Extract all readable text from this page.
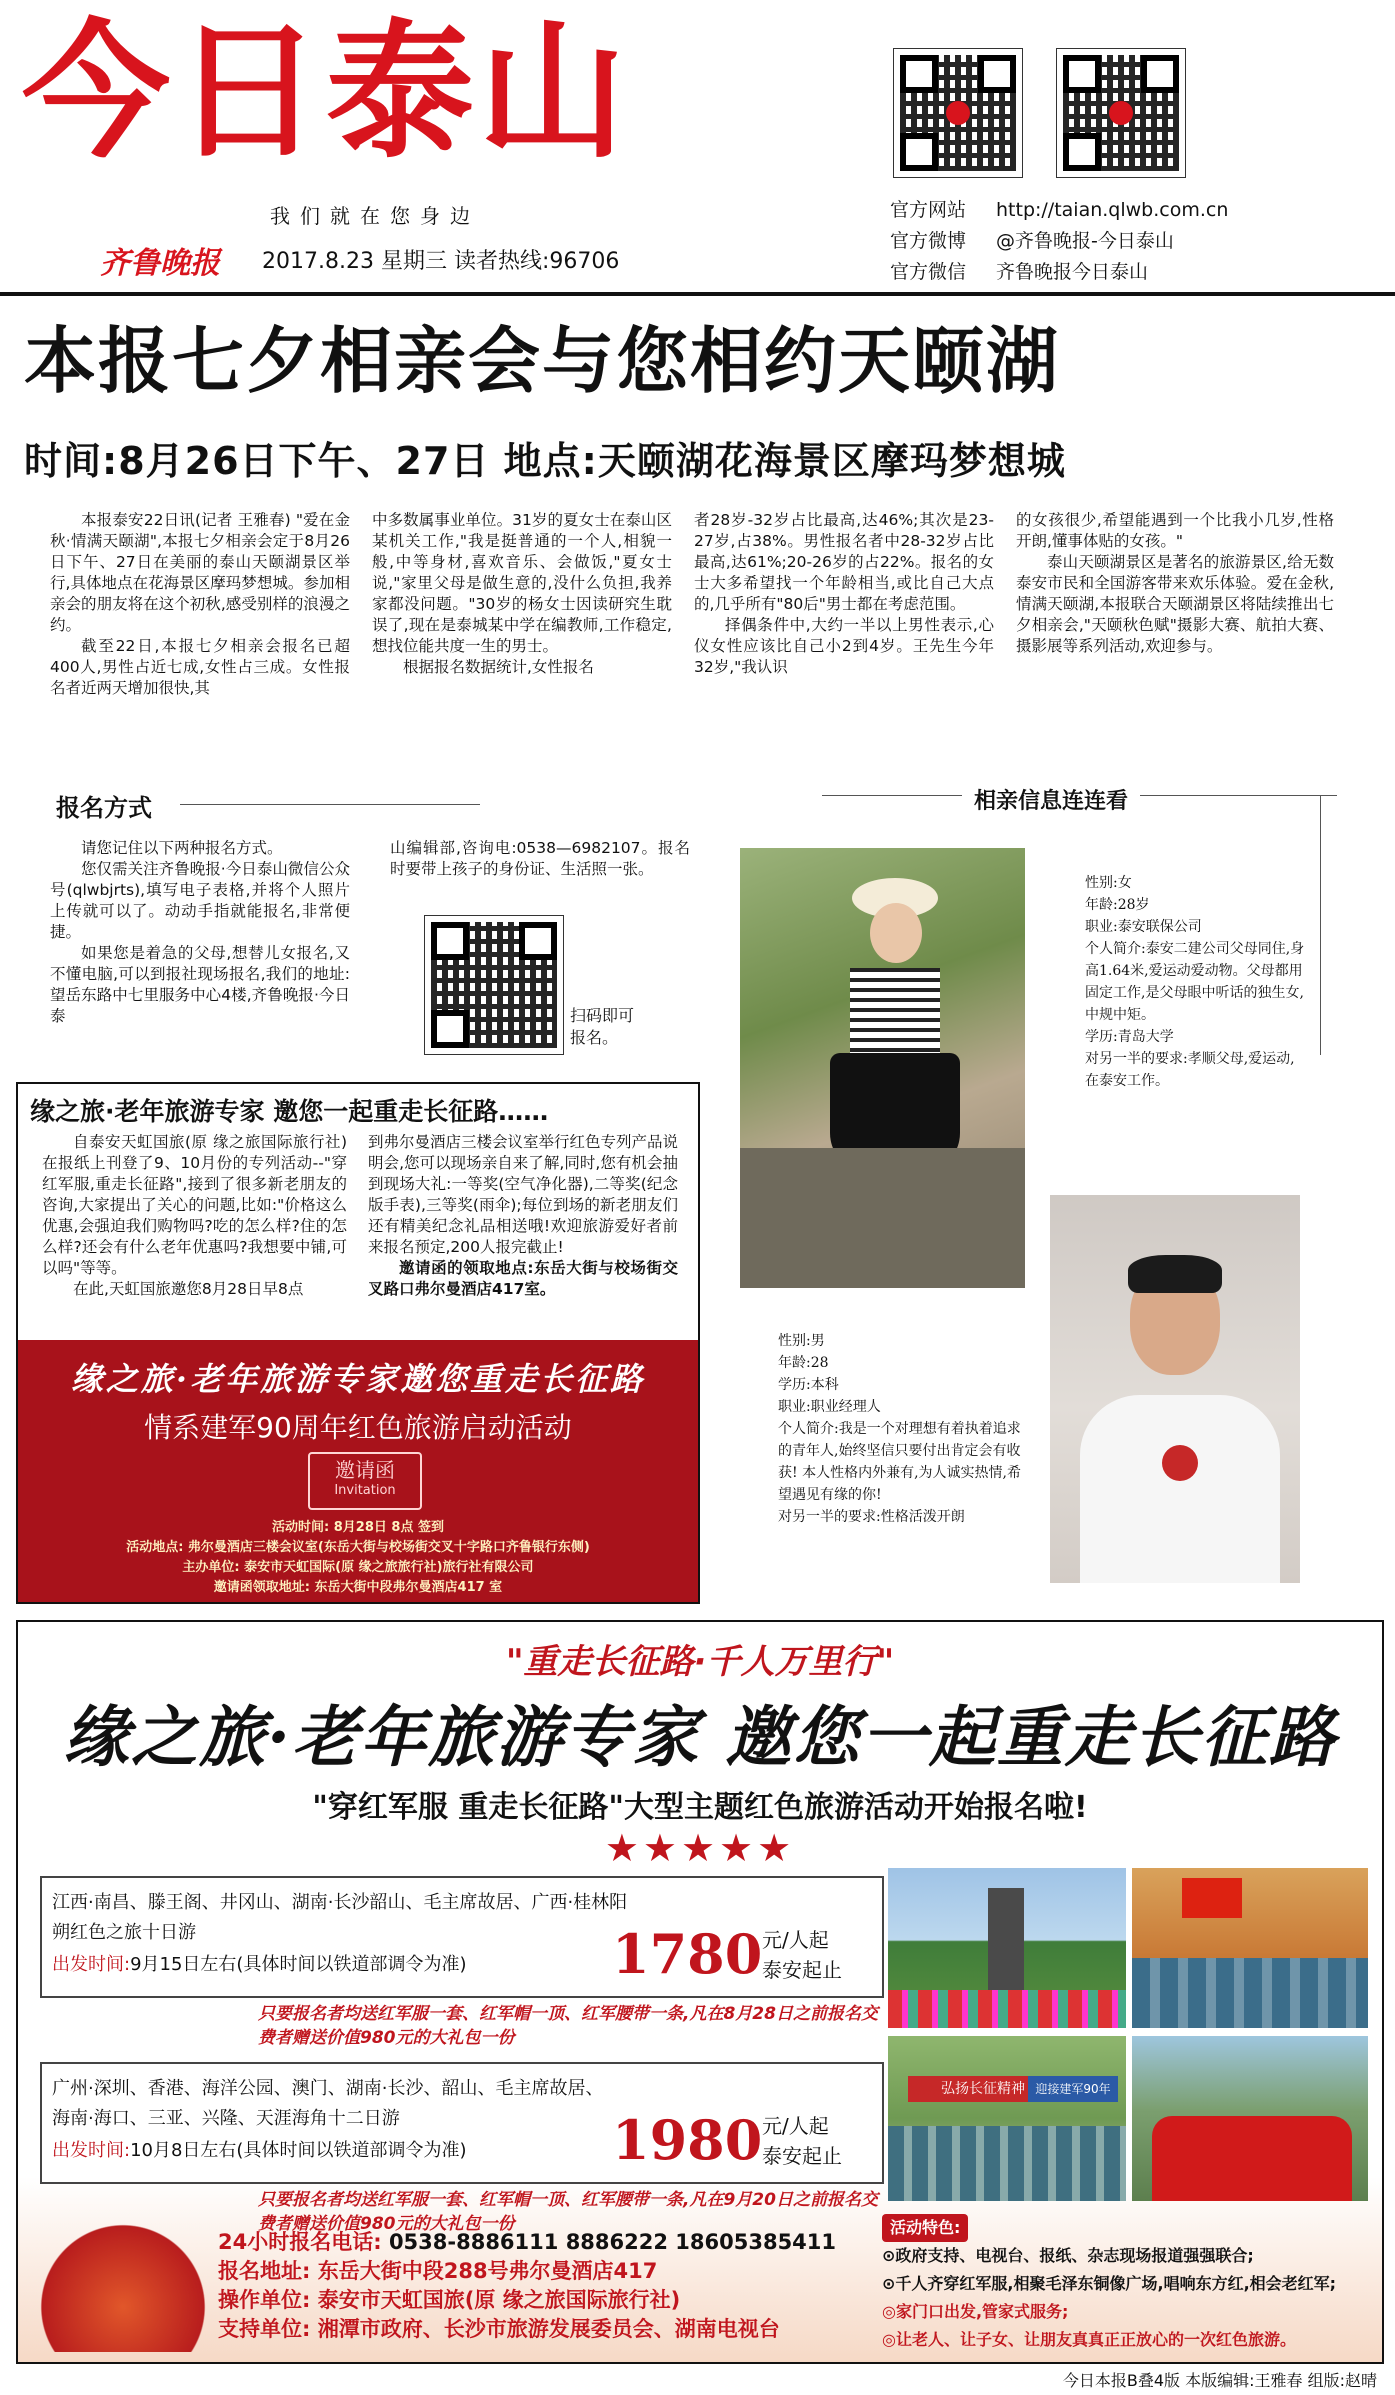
今日泰山
我们就在您身边
齐鲁晚报 2017.8.23 星期三 读者热线:96706
官方网站 http://taian.qlwb.com.cn
官方微博 @齐鲁晚报-今日泰山
官方微信 齐鲁晚报今日泰山
本报七夕相亲会与您相约天颐湖
时间:8月26日下午、27日 地点:天颐湖花海景区摩玛梦想城

本报泰安22日讯(记者 王雅春) "爱在金秋·情满天颐湖",本报七夕相亲会定于8月26日下午、27日在美丽的泰山天颐湖景区举行,具体地点在花海景区摩玛梦想城。参加相亲会的朋友将在这个初秋,感受别样的浪漫之约。

截至22日,本报七夕相亲会报名已超400人,男性占近七成,女性占三成。女性报名者近两天增加很快,其

中多数属事业单位。31岁的夏女士在泰山区某机关工作,"我是挺普通的一个人,相貌一般,中等身材,喜欢音乐、会做饭,"夏女士说,"家里父母是做生意的,没什么负担,我养家都没问题。"30岁的杨女士因读研究生耽误了,现在是泰城某中学在编教师,工作稳定,想找位能共度一生的男士。

根据报名数据统计,女性报名

者28岁-32岁占比最高,达46%;其次是23-27岁,占38%。男性报名者中28-32岁占比最高,达61%;20-26岁的占22%。报名的女士大多希望找一个年龄相当,或比自己大点的,几乎所有"80后"男士都在考虑范围。

择偶条件中,大约一半以上男性表示,心仪女性应该比自己小2到4岁。王先生今年32岁,"我认识

的女孩很少,希望能遇到一个比我小几岁,性格开朗,懂事体贴的女孩。"

泰山天颐湖景区是著名的旅游景区,给无数泰安市民和全国游客带来欢乐体验。爱在金秋,情满天颐湖,本报联合天颐湖景区将陆续推出七夕相亲会,"天颐秋色赋"摄影大赛、航拍大赛、摄影展等系列活动,欢迎参与。

报名方式

请您记住以下两种报名方式。

您仅需关注齐鲁晚报·今日泰山微信公众号(qlwbjrts),填写电子表格,并将个人照片上传就可以了。动动手指就能报名,非常便捷。

如果您是着急的父母,想替儿女报名,又不懂电脑,可以到报社现场报名,我们的地址:望岳东路中七里服务中心4楼,齐鲁晚报·今日泰

山编辑部,咨询电:0538—6982107。报名时要带上孩子的身份证、生活照一张。

扫码即可报名。
相亲信息连连看
性别:女
年龄:28岁
职业:泰安联保公司
个人简介:泰安二建公司父母同住,身高1.64米,爱运动爱动物。父母都用固定工作,是父母眼中听话的独生女,中规中矩。
学历:青岛大学
对另一半的要求:孝顺父母,爱运动,在泰安工作。
性别:男
年龄:28
学历:本科
职业:职业经理人
个人简介:我是一个对理想有着执着追求的青年人,始终坚信只要付出肯定会有收获! 本人性格内外兼有,为人诚实热情,希望遇见有缘的你!
对另一半的要求:性格活泼开朗
缘之旅·老年旅游专家 邀您一起重走长征路……

自泰安天虹国旅(原 缘之旅国际旅行社)在报纸上刊登了9、10月份的专列活动--"穿红军服,重走长征路",接到了很多新老朋友的咨询,大家提出了关心的问题,比如:"价格这么优惠,会强迫我们购物吗?吃的怎么样?住的怎么样?还会有什么老年优惠吗?我想要中铺,可以吗"等等。

在此,天虹国旅邀您8月28日早8点

到弗尔曼酒店三楼会议室举行红色专列产品说明会,您可以现场亲自来了解,同时,您有机会抽到现场大礼:一等奖(空气净化器),二等奖(纪念版手表),三等奖(雨伞);每位到场的新老朋友们还有精美纪念礼品相送哦!欢迎旅游爱好者前来报名预定,200人报完截止!

邀请函的领取地点:东岳大街与校场街交叉路口弗尔曼酒店417室。

缘之旅·老年旅游专家邀您重走长征路
情系建军90周年红色旅游启动活动
邀请函
Invitation
活动时间: 8月28日 8点 签到
活动地点: 弗尔曼酒店三楼会议室(东岳大街与校场街交叉十字路口齐鲁银行东侧)
主办单位: 泰安市天虹国际(原 缘之旅旅行社)旅行社有限公司
邀请函领取地址: 东岳大街中段弗尔曼酒店417 室
"重走长征路·千人万里行"
缘之旅·老年旅游专家 邀您一起重走长征路
"穿红军服 重走长征路"大型主题红色旅游活动开始报名啦!
★★★★★
江西·南昌、滕王阁、井冈山、湖南·长沙韶山、毛主席故居、广西·桂林阳
朔红色之旅十日游
出发时间:9月15日左右(具体时间以铁道部调令为准)	1780 元/人起
泰安起止
只要报名者均送红军服一套、红军帽一顶、红军腰带一条,凡在8月28日之前报名交费者赠送价值980元的大礼包一份
广州·深圳、香港、海洋公园、澳门、湖南·长沙、韶山、毛主席故居、
海南·海口、三亚、兴隆、天涯海角十二日游
出发时间:10月8日左右(具体时间以铁道部调令为准)	1980 元/人起
泰安起止
只要报名者均送红军服一套、红军帽一顶、红军腰带一条,凡在9月20日之前报名交费者赠送价值980元的大礼包一份
弘扬长征精神 迎接建军90年
24小时报名电话: 0538-8886111 8886222 18605385411
报名地址: 东岳大街中段288号弗尔曼酒店417
操作单位: 泰安市天虹国旅(原 缘之旅国际旅行社)
支持单位: 湘潭市政府、长沙市旅游发展委员会、湖南电视台
活动特色:
⊙政府支持、电视台、报纸、杂志现场报道强强联合;
⊙千人齐穿红军服,相聚毛泽东铜像广场,唱响东方红,相会老红军;
◎家门口出发,管家式服务;
◎让老人、让子女、让朋友真真正正放心的一次红色旅游。
今日本报B叠4版 本版编辑:王雅春 组版:赵晴
